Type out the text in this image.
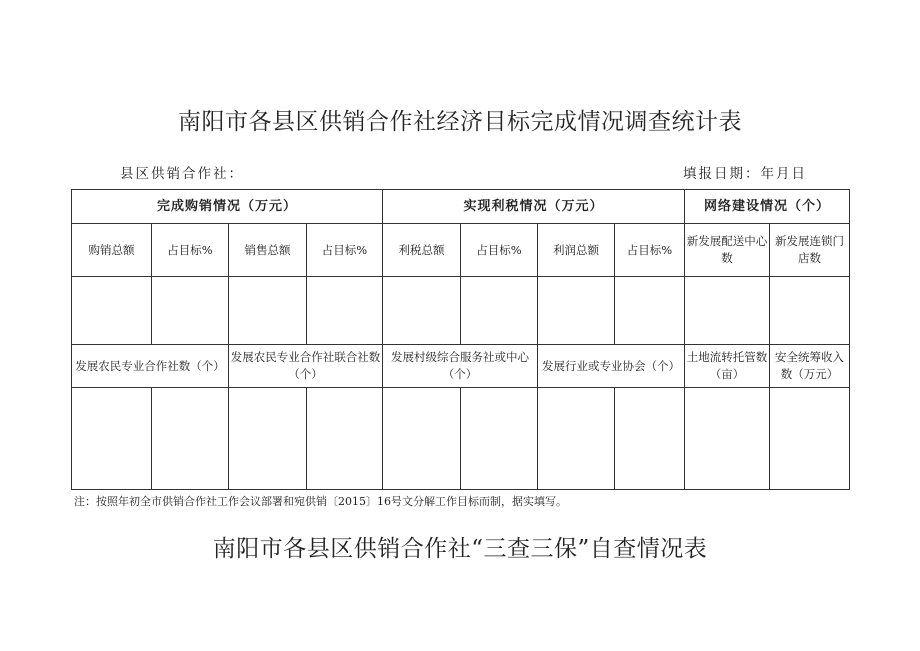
南阳市各县区供销合作社经济目标完成情况调查统计表
县区供销合作社：	填报日期：年月日
完成购销情况（万元）				实现利税情况（万元）				网络建设情况（个）	
购销总额	占目标%	销售总额	占目标%	利税总额	占目标%	利润总额	占目标%	新发展配送中心数	新发展连锁门店数

发展农民专业合作社数（个）		发展农民专业合作社联合社数（个）		发展村级综合服务社或中心（个）		发展行业或专业协会（个）		土地流转托管数（亩）	安全统筹收入数（万元）

注：按照年初全市供销合作社工作会议部署和宛供销〔2015〕16号文分解工作目标而制，据实填写。
南阳市各县区供销合作社“三查三保”自查情况表
